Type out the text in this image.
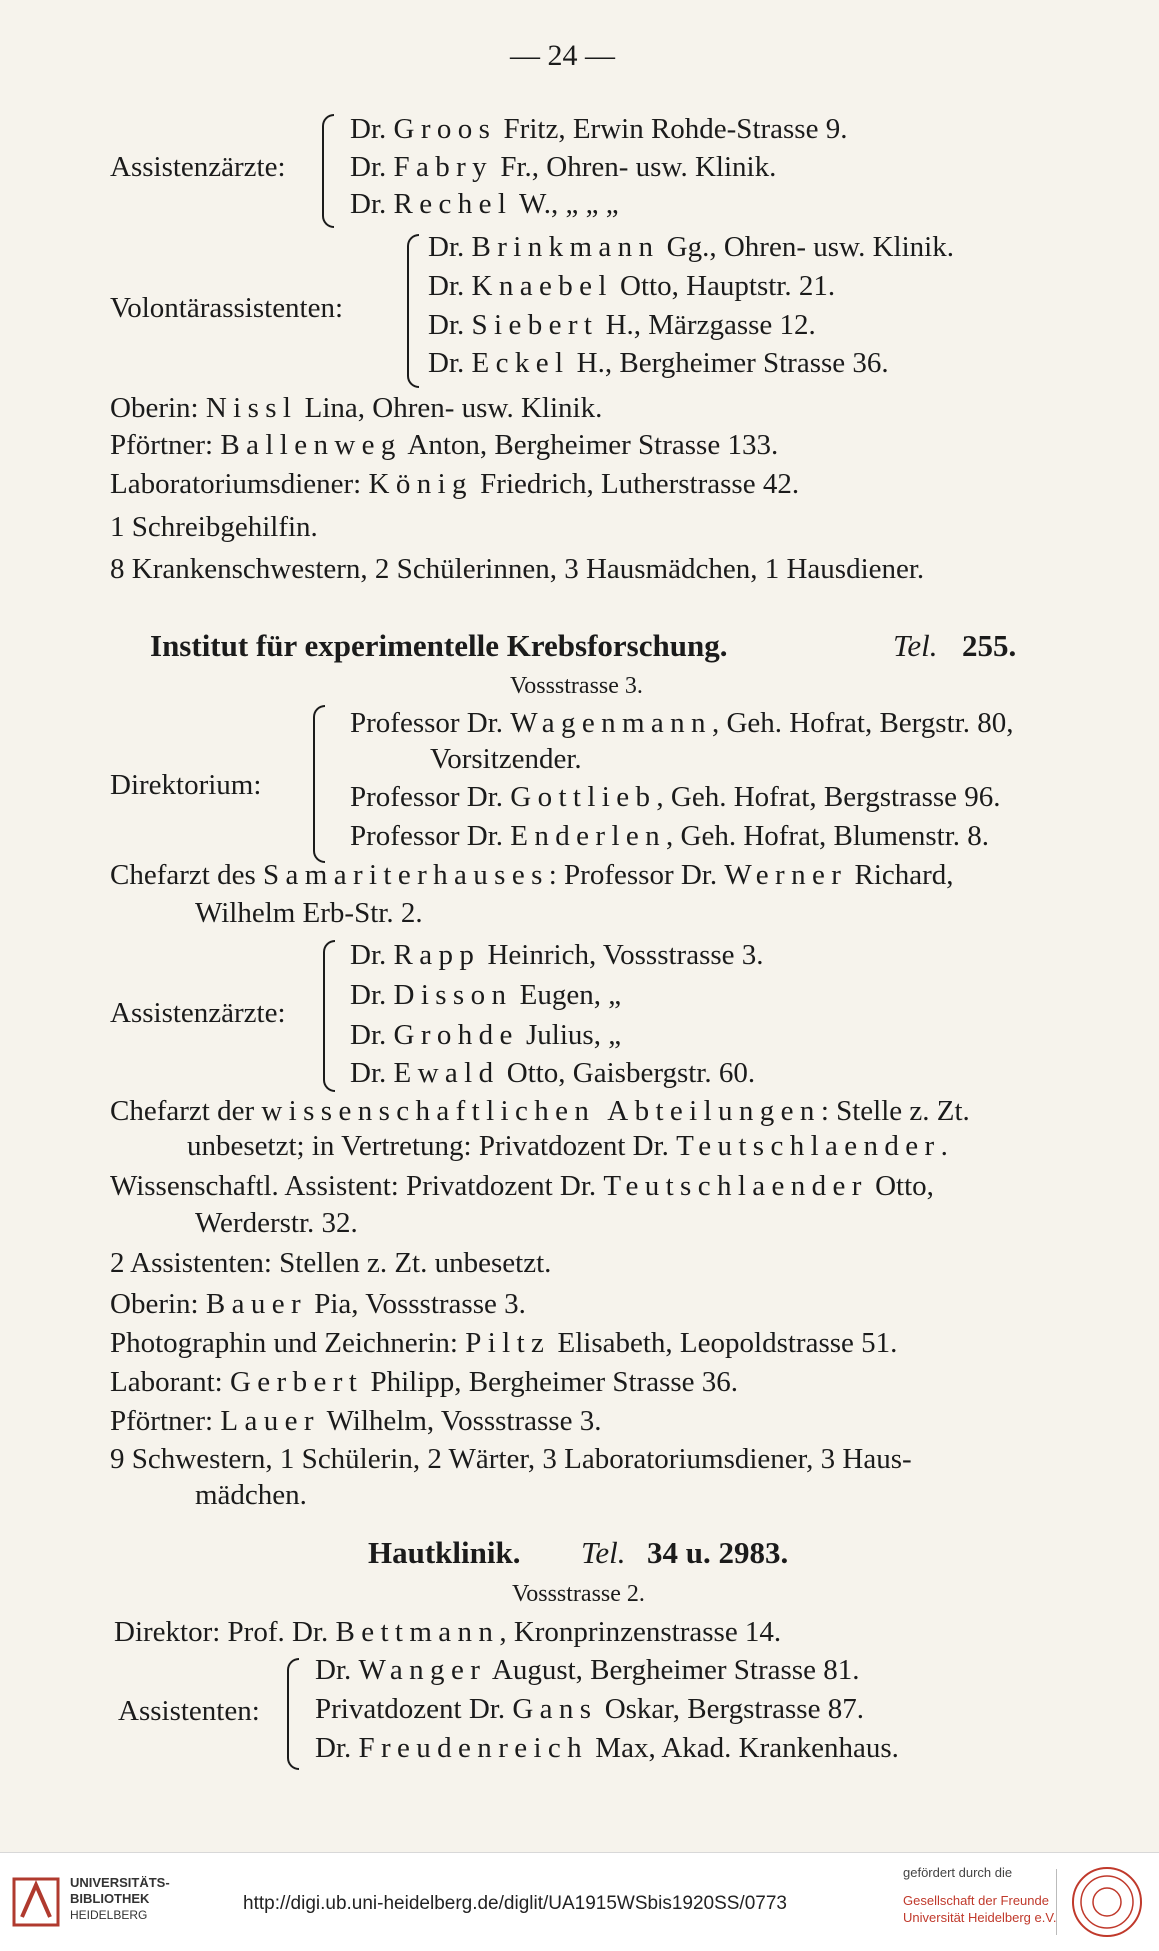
— 24 —
Assistenzärzte:
Dr. Groos Fritz, Erwin Rohde-Strasse 9.
Dr. Fabry Fr., Ohren- usw. Klinik.
Dr. Rechel W., „ „ „
Volontärassistenten:
Dr. Brinkmann Gg., Ohren- usw. Klinik.
Dr. Knaebel Otto, Hauptstr. 21.
Dr. Siebert H., Märzgasse 12.
Dr. Eckel H., Bergheimer Strasse 36.
Oberin: Nissl Lina, Ohren- usw. Klinik.
Pförtner: Ballenweg Anton, Bergheimer Strasse 133.
Laboratoriumsdiener: König Friedrich, Lutherstrasse 42.
1 Schreibgehilfin.
8 Krankenschwestern, 2 Schülerinnen, 3 Hausmädchen, 1 Hausdiener.
Institut für experimentelle Krebsforschung.	Tel. 255.
Vossstrasse 3.
Direktorium:
Professor Dr. Wagenmann, Geh. Hofrat, Bergstr. 80,
Vorsitzender.
Professor Dr. Gottlieb, Geh. Hofrat, Bergstrasse 96.
Professor Dr. Enderlen, Geh. Hofrat, Blumenstr. 8.
Chefarzt des Samariterhauses: Professor Dr. Werner Richard,
Wilhelm Erb-Str. 2.
Assistenzärzte:
Dr. Rapp Heinrich, Vossstrasse 3.
Dr. Disson Eugen, „
Dr. Grohde Julius, „
Dr. Ewald Otto, Gaisbergstr. 60.
Chefarzt der wissenschaftlichen Abteilungen: Stelle z. Zt.
unbesetzt; in Vertretung: Privatdozent Dr. Teutschlaender.
Wissenschaftl. Assistent: Privatdozent Dr. Teutschlaender Otto,
Werderstr. 32.
2 Assistenten: Stellen z. Zt. unbesetzt.
Oberin: Bauer Pia, Vossstrasse 3.
Photographin und Zeichnerin: Piltz Elisabeth, Leopoldstrasse 51.
Laborant: Gerbert Philipp, Bergheimer Strasse 36.
Pförtner: Lauer Wilhelm, Vossstrasse 3.
9 Schwestern, 1 Schülerin, 2 Wärter, 3 Laboratoriumsdiener, 3 Haus-
mädchen.
Hautklinik. Tel. 34 u. 2983.
Vossstrasse 2.
Direktor: Prof. Dr. Bettmann, Kronprinzenstrasse 14.
Assistenten:
Dr. Wanger August, Bergheimer Strasse 81.
Privatdozent Dr. Gans Oskar, Bergstrasse 87.
Dr. Freudenreich Max, Akad. Krankenhaus.
UNIVERSITÄTS-
BIBLIOTHEK
HEIDELBERG
http://digi.ub.uni-heidelberg.de/diglit/UA1915WSbis1920SS/0773
gefördert durch die
Gesellschaft der Freunde
Universität Heidelberg e.V.
